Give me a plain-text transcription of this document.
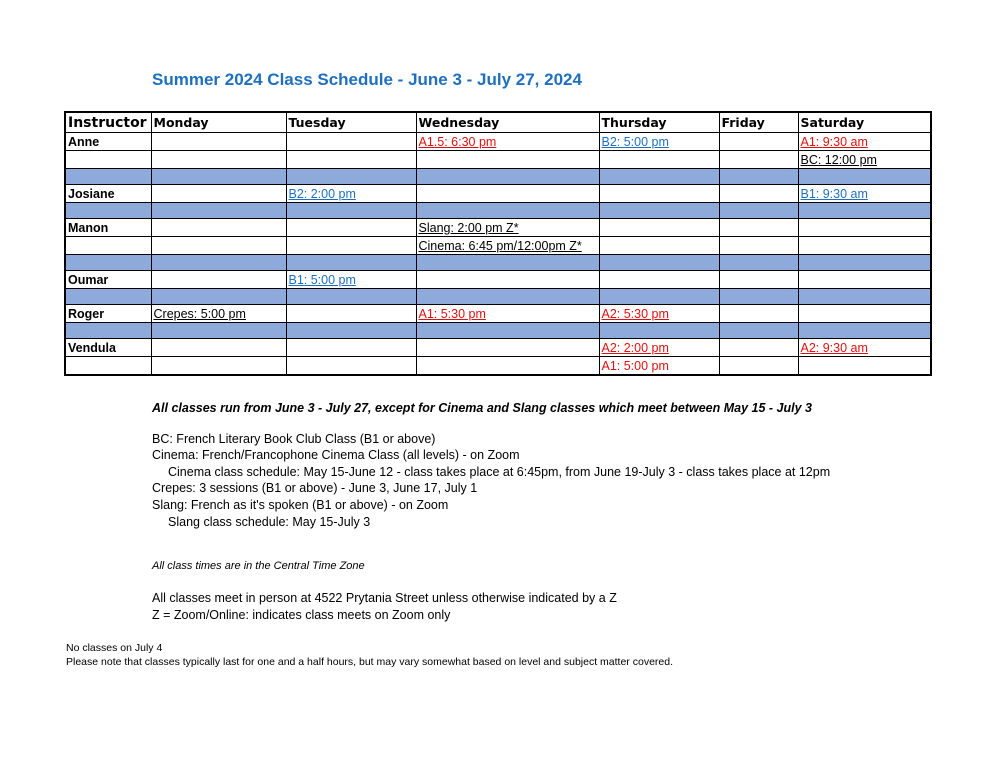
Summer 2024 Class Schedule - June 3 - July 27, 2024
Instructor	Monday	Tuesday	Wednesday	Thursday	Friday	Saturday
Anne			A1.5: 6:30 pm	B2: 5:00 pm		A1: 9:30 am
						BC: 12:00 pm

Josiane		B2: 2:00 pm				B1: 9:30 am

Manon			Slang: 2:00 pm Z*			
			Cinema: 6:45 pm/12:00pm Z*			

Oumar		B1: 5:00 pm				

Roger	Crepes: 5:00 pm		A1: 5:30 pm	A2: 5:30 pm		

Vendula				A2: 2:00 pm		A2: 9:30 am
				A1: 5:00 pm		
All classes run from June 3 - July 27, except for Cinema and Slang classes which meet between May 15 - July 3
BC: French Literary Book Club Class (B1 or above)
Cinema: French/Francophone Cinema Class (all levels) - on Zoom
Cinema class schedule: May 15-June 12 - class takes place at 6:45pm, from June 19-July 3 - class takes place at 12pm
Crepes: 3 sessions (B1 or above) - June 3, June 17, July 1
Slang: French as it's spoken (B1 or above) - on Zoom
Slang class schedule: May 15-July 3
All class times are in the Central Time Zone
All classes meet in person at 4522 Prytania Street unless otherwise indicated by a Z
Z = Zoom/Online: indicates class meets on Zoom only
No classes on July 4
Please note that classes typically last for one and a half hours, but may vary somewhat based on level and subject matter covered.
